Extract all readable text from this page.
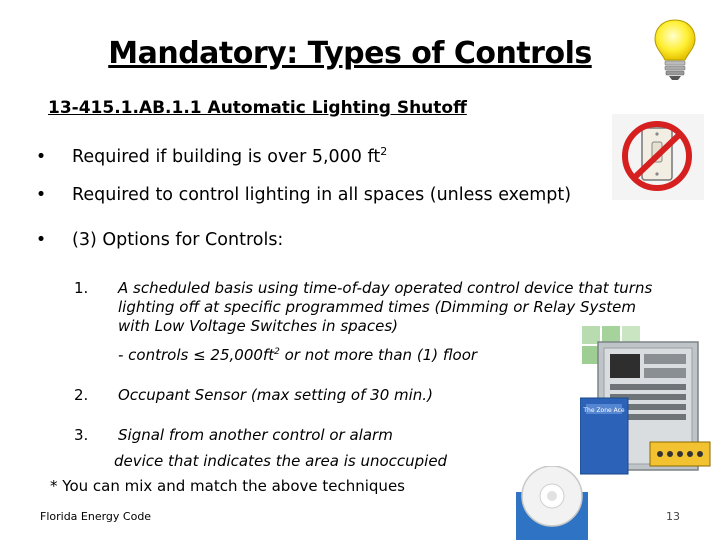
Mandatory: Types of Controls
13-415.1.AB.1.1 Automatic Lighting Shutoff
• Required if building is over 5,000 $ft^2$
• Required to control lighting in all spaces (unless exempt)
• (3) Options for Controls:
1. A scheduled basis using time-of-day operated control device that turns
lighting off at specific programmed times (Dimming or Relay System
with Low Voltage Switches in spaces)
- controls ≤ $25,000ft^2$ or not more than (1) floor
2. Occupant Sensor (max setting of 30 min.)
3. Signal from another control or alarm
device that indicates the area is unoccupied
* You can mix and match the above techniques
The Zone Ace
Florida Energy Code	13
